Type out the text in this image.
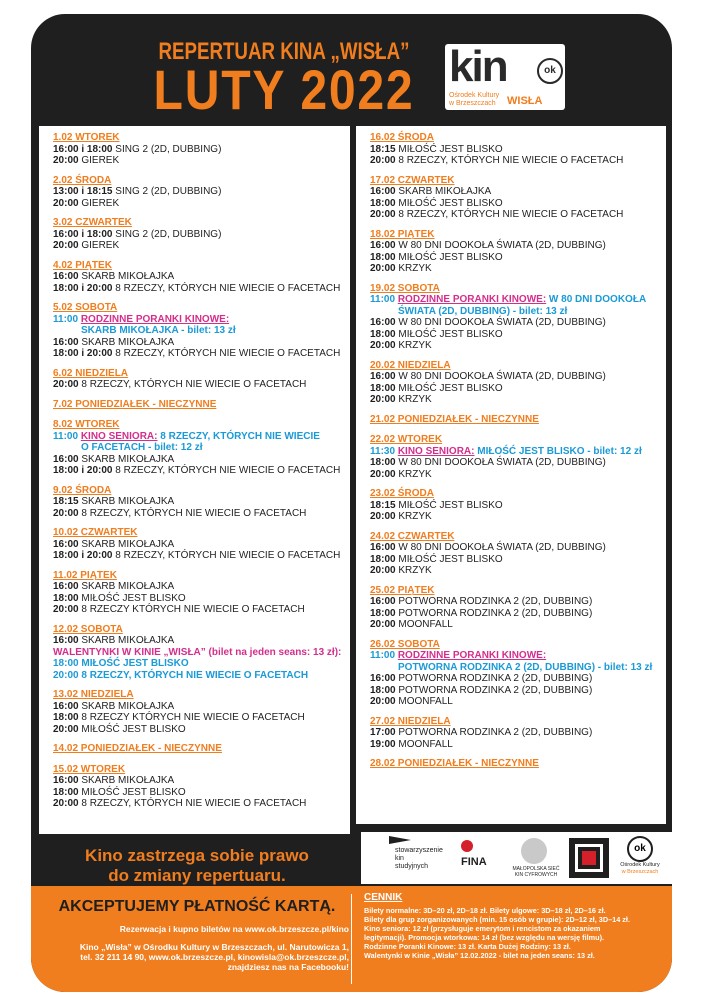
REPERTUAR KINA „WISŁA”
LUTY 2022 kin	ok
Ośrodek Kultury
w Brzeszczach	WISŁA
1.02 WTOREK
16:00 i 18:00 SING 2 (2D, DUBBING)
20:00 GIEREK
2.02 ŚRODA
13:00 i 18:15 SING 2 (2D, DUBBING)
20:00 GIEREK
3.02 CZWARTEK
16:00 i 18:00 SING 2 (2D, DUBBING)
20:00 GIEREK
4.02 PIĄTEK
16:00 SKARB MIKOŁAJKA
18:00 i 20:00 8 RZECZY, KTÓRYCH NIE WIECIE O FACETACH
5.02 SOBOTA
11:00 RODZINNE PORANKI KINOWE:
SKARB MIKOŁAJKA - bilet: 13 zł
16:00 SKARB MIKOŁAJKA
18:00 i 20:00 8 RZECZY, KTÓRYCH NIE WIECIE O FACETACH
6.02 NIEDZIELA
20:00 8 RZECZY, KTÓRYCH NIE WIECIE O FACETACH
7.02 PONIEDZIAŁEK - NIECZYNNE
8.02 WTOREK
11:00 KINO SENIORA: 8 RZECZY, KTÓRYCH NIE WIECIE
O FACETACH - bilet: 12 zł
16:00 SKARB MIKOŁAJKA
18:00 i 20:00 8 RZECZY, KTÓRYCH NIE WIECIE O FACETACH
9.02 ŚRODA
18:15 SKARB MIKOŁAJKA
20:00 8 RZECZY, KTÓRYCH NIE WIECIE O FACETACH
10.02 CZWARTEK
16:00 SKARB MIKOŁAJKA
18:00 i 20:00 8 RZECZY, KTÓRYCH NIE WIECIE O FACETACH
11.02 PIĄTEK
16:00 SKARB MIKOŁAJKA
18:00 MIŁOŚĆ JEST BLISKO
20:00 8 RZECZY KTÓRYCH NIE WIECIE O FACETACH
12.02 SOBOTA
16:00 SKARB MIKOŁAJKA
WALENTYNKI W KINIE „WISŁA” (bilet na jeden seans: 13 zł):
18:00 MIŁOŚĆ JEST BLISKO
20:00 8 RZECZY, KTÓRYCH NIE WIECIE O FACETACH
13.02 NIEDZIELA
16:00 SKARB MIKOŁAJKA
18:00 8 RZECZY KTÓRYCH NIE WIECIE O FACETACH
20:00 MIŁOŚĆ JEST BLISKO
14.02 PONIEDZIAŁEK - NIECZYNNE
15.02 WTOREK
16:00 SKARB MIKOŁAJKA
18:00 MIŁOŚĆ JEST BLISKO
20:00 8 RZECZY, KTÓRYCH NIE WIECIE O FACETACH
16.02 ŚRODA
18:15 MIŁOŚĆ JEST BLISKO
20:00 8 RZECZY, KTÓRYCH NIE WIECIE O FACETACH
17.02 CZWARTEK
16:00 SKARB MIKOŁAJKA
18:00 MIŁOŚĆ JEST BLISKO
20:00 8 RZECZY, KTÓRYCH NIE WIECIE O FACETACH
18.02 PIĄTEK
16:00 W 80 DNI DOOKOŁA ŚWIATA (2D, DUBBING)
18:00 MIŁOŚĆ JEST BLISKO
20:00 KRZYK
19.02 SOBOTA
11:00 RODZINNE PORANKI KINOWE: W 80 DNI DOOKOŁA
ŚWIATA (2D, DUBBING) - bilet: 13 zł
16:00 W 80 DNI DOOKOŁA ŚWIATA (2D, DUBBING)
18:00 MIŁOŚĆ JEST BLISKO
20:00 KRZYK
20.02 NIEDZIELA
16:00 W 80 DNI DOOKOŁA ŚWIATA (2D, DUBBING)
18:00 MIŁOŚĆ JEST BLISKO
20:00 KRZYK
21.02 PONIEDZIAŁEK - NIECZYNNE
22.02 WTOREK
11:30 KINO SENIORA: MIŁOŚĆ JEST BLISKO - bilet: 12 zł
18:00 W 80 DNI DOOKOŁA ŚWIATA (2D, DUBBING)
20:00 KRZYK
23.02 ŚRODA
18:15 MIŁOŚĆ JEST BLISKO
20:00 KRZYK
24.02 CZWARTEK
16:00 W 80 DNI DOOKOŁA ŚWIATA (2D, DUBBING)
18:00 MIŁOŚĆ JEST BLISKO
20:00 KRZYK
25.02 PIĄTEK
16:00 POTWORNA RODZINKA 2 (2D, DUBBING)
18:00 POTWORNA RODZINKA 2 (2D, DUBBING)
20:00 MOONFALL
26.02 SOBOTA
11:00 RODZINNE PORANKI KINOWE:
POTWORNA RODZINKA 2 (2D, DUBBING) - bilet: 13 zł
16:00 POTWORNA RODZINKA 2 (2D, DUBBING)
18:00 POTWORNA RODZINKA 2 (2D, DUBBING)
20:00 MOONFALL
27.02 NIEDZIELA
17:00 POTWORNA RODZINKA 2 (2D, DUBBING)
19:00 MOONFALL
28.02 PONIEDZIAŁEK - NIECZYNNE
Kino zastrzega sobie prawo
do zmiany repertuaru.
stowarzyszenie
kin
studyjnych	FINA
MAŁOPOLSKA SIEĆ
KIN CYFROWYCH
ok
Ośrodek Kultury
w Brzeszczach
AKCEPTUJEMY PŁATNOŚĆ KARTĄ.
Rezerwacja i kupno biletów na www.ok.brzeszcze.pl/kino
Kino „Wisła” w Ośrodku Kultury w Brzeszczach, ul. Narutowicza 1,
tel. 32 211 14 90, www.ok.brzeszcze.pl, kinowisla@ok.brzeszcze.pl,
znajdziesz nas na Facebooku!
CENNIK
Bilety normalne: 3D–20 zł, 2D–18 zł. Bilety ulgowe: 3D–18 zł, 2D–16 zł.
Bilety dla grup zorganizowanych (min. 15 osób w grupie): 2D–12 zł, 3D–14 zł.
Kino seniora: 12 zł (przysługuje emerytom i rencistom za okazaniem
legitymacji). Promocja wtorkowa: 14 zł (bez względu na wersję filmu).
Rodzinne Poranki Kinowe: 13 zł. Karta Dużej Rodziny: 13 zł.
Walentynki w Kinie „Wisła” 12.02.2022 - bilet na jeden seans: 13 zł.
